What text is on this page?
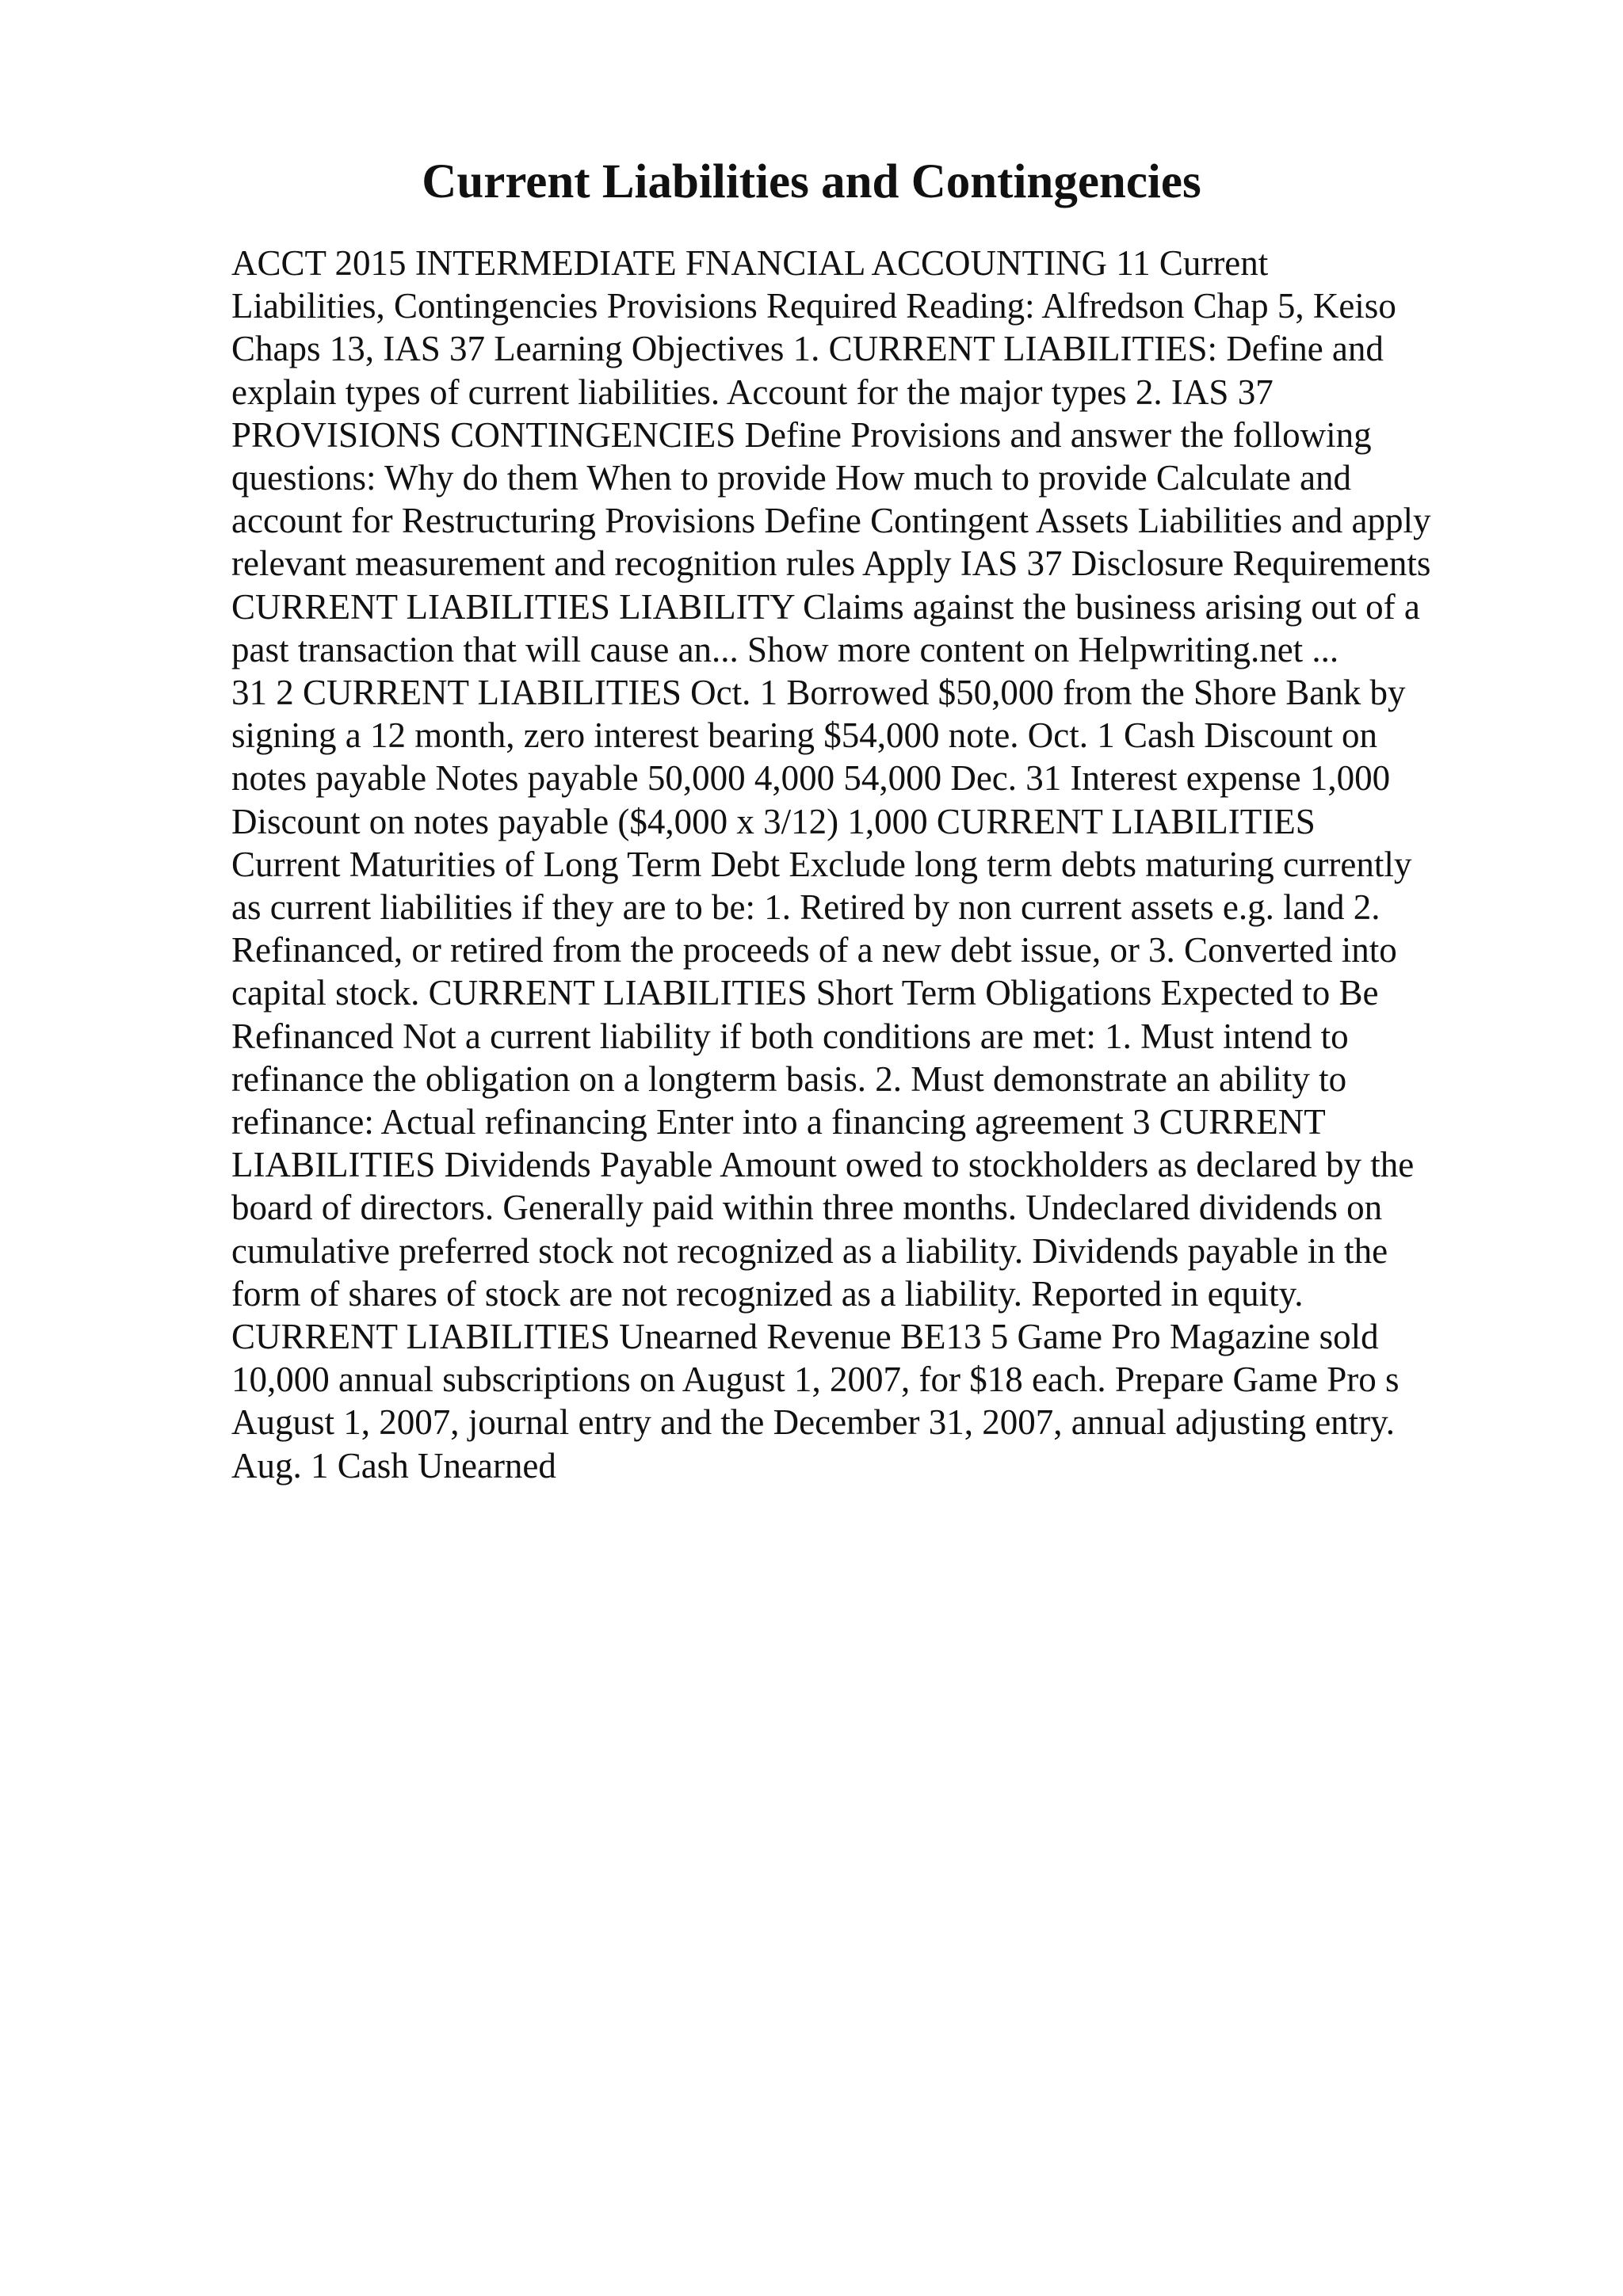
Current Liabilities and Contingencies
ACCT 2015 INTERMEDIATE FNANCIAL ACCOUNTING 11 Current
Liabilities, Contingencies Provisions Required Reading: Alfredson Chap 5, Keiso
Chaps 13, IAS 37 Learning Objectives 1. CURRENT LIABILITIES: Define and
explain types of current liabilities. Account for the major types 2. IAS 37
PROVISIONS CONTINGENCIES Define Provisions and answer the following
questions: Why do them When to provide How much to provide Calculate and
account for Restructuring Provisions Define Contingent Assets Liabilities and apply
relevant measurement and recognition rules Apply IAS 37 Disclosure Requirements
CURRENT LIABILITIES LIABILITY Claims against the business arising out of a
past transaction that will cause an... Show more content on Helpwriting.net ...
31 2 CURRENT LIABILITIES Oct. 1 Borrowed $50,000 from the Shore Bank by
signing a 12 month, zero interest bearing $54,000 note. Oct. 1 Cash Discount on
notes payable Notes payable 50,000 4,000 54,000 Dec. 31 Interest expense 1,000
Discount on notes payable ($4,000 x 3/12) 1,000 CURRENT LIABILITIES
Current Maturities of Long Term Debt Exclude long term debts maturing currently
as current liabilities if they are to be: 1. Retired by non current assets e.g. land 2.
Refinanced, or retired from the proceeds of a new debt issue, or 3. Converted into
capital stock. CURRENT LIABILITIES Short Term Obligations Expected to Be
Refinanced Not a current liability if both conditions are met: 1. Must intend to
refinance the obligation on a longterm basis. 2. Must demonstrate an ability to
refinance: Actual refinancing Enter into a financing agreement 3 CURRENT
LIABILITIES Dividends Payable Amount owed to stockholders as declared by the
board of directors. Generally paid within three months. Undeclared dividends on
cumulative preferred stock not recognized as a liability. Dividends payable in the
form of shares of stock are not recognized as a liability. Reported in equity.
CURRENT LIABILITIES Unearned Revenue BE13 5 Game Pro Magazine sold
10,000 annual subscriptions on August 1, 2007, for $18 each. Prepare Game Pro s
August 1, 2007, journal entry and the December 31, 2007, annual adjusting entry.
Aug. 1 Cash Unearned
